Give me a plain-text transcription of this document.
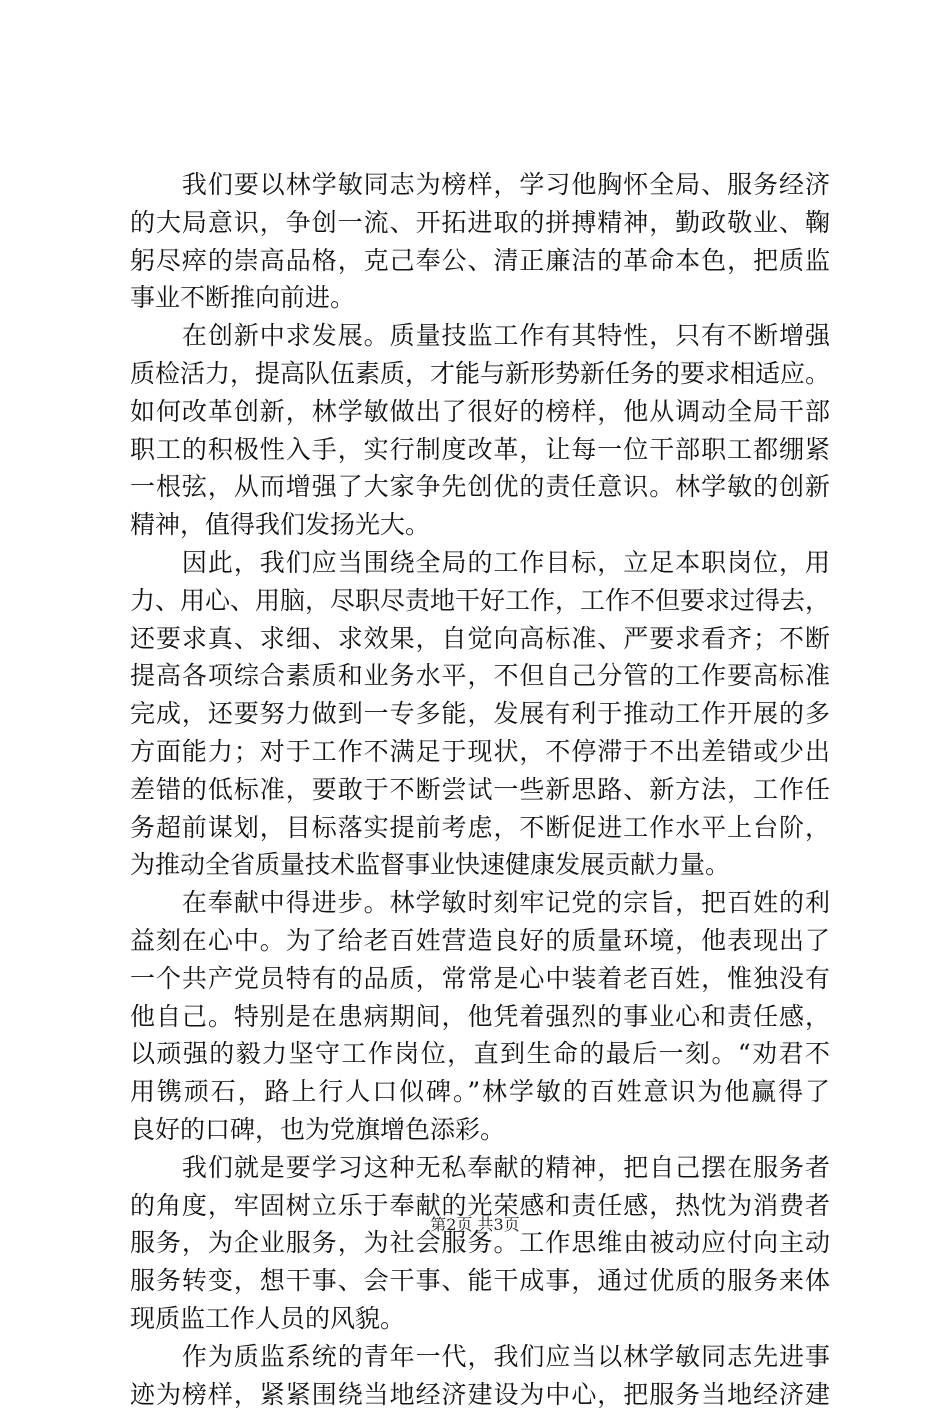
　　我们要以林学敏同志为榜样，学习他胸怀全局、服务经济
的大局意识，争创一流、开拓进取的拼搏精神，勤政敬业、鞠
躬尽瘁的崇高品格，克己奉公、清正廉洁的革命本色，把质监
事业不断推向前进。
　　在创新中求发展。质量技监工作有其特性，只有不断增强
质检活力，提高队伍素质，才能与新形势新任务的要求相适应。
如何改革创新，林学敏做出了很好的榜样，他从调动全局干部
职工的积极性入手，实行制度改革，让每一位干部职工都绷紧
一根弦，从而增强了大家争先创优的责任意识。林学敏的创新
精神，值得我们发扬光大。
　　因此，我们应当围绕全局的工作目标，立足本职岗位，用
力、用心、用脑，尽职尽责地干好工作，工作不但要求过得去，
还要求真、求细、求效果，自觉向高标准、严要求看齐；不断
提高各项综合素质和业务水平，不但自己分管的工作要高标准
完成，还要努力做到一专多能，发展有利于推动工作开展的多
方面能力；对于工作不满足于现状，不停滞于不出差错或少出
差错的低标准，要敢于不断尝试一些新思路、新方法，工作任
务超前谋划，目标落实提前考虑，不断促进工作水平上台阶，
为推动全省质量技术监督事业快速健康发展贡献力量。
　　在奉献中得进步。林学敏时刻牢记党的宗旨，把百姓的利
益刻在心中。为了给老百姓营造良好的质量环境，他表现出了
一个共产党员特有的品质，常常是心中装着老百姓，惟独没有
他自己。特别是在患病期间，他凭着强烈的事业心和责任感，
以顽强的毅力坚守工作岗位，直到生命的最后一刻。“劝君不
用镌顽石，路上行人口似碑。”林学敏的百姓意识为他赢得了
良好的口碑，也为党旗增色添彩。
　　我们就是要学习这种无私奉献的精神，把自己摆在服务者
的角度，牢固树立乐于奉献的光荣感和责任感，热忱为消费者
服务，为企业服务，为社会服务。工作思维由被动应付向主动
服务转变，想干事、会干事、能干成事，通过优质的服务来体
现质监工作人员的风貌。
　　作为质监系统的青年一代，我们应当以林学敏同志先进事
迹为榜样，紧紧围绕当地经济建设为中心，把服务当地经济建
第2页 共3页
